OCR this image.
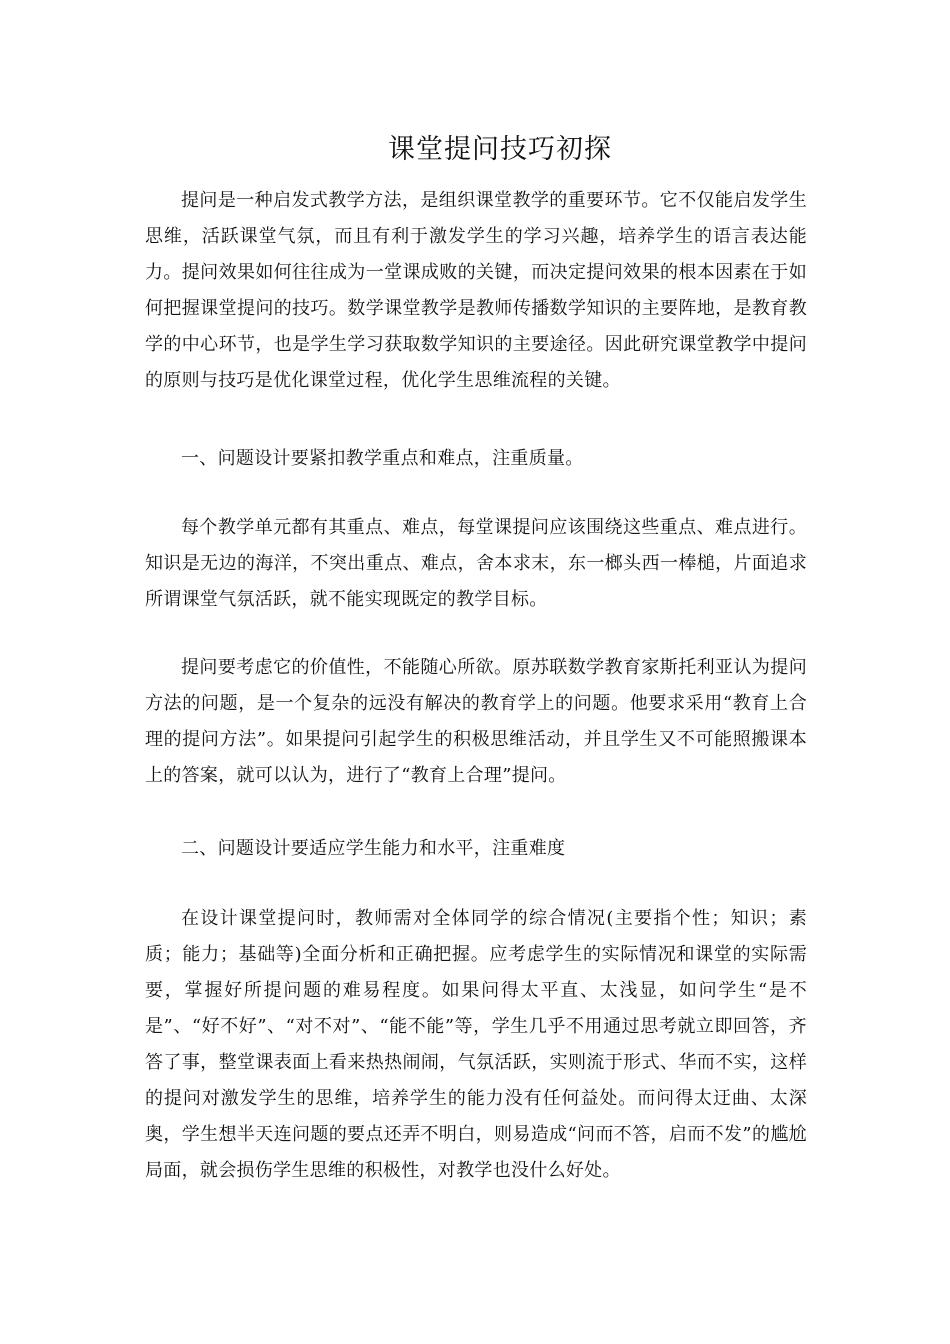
课堂提问技巧初探

提问是一种启发式教学方法，是组织课堂教学的重要环节。它不仅能启发学生思维，活跃课堂气氛，而且有利于激发学生的学习兴趣，培养学生的语言表达能力。提问效果如何往往成为一堂课成败的关键，而决定提问效果的根本因素在于如何把握课堂提问的技巧。数学课堂教学是教师传播数学知识的主要阵地，是教育教学的中心环节，也是学生学习获取数学知识的主要途径。因此研究课堂教学中提问的原则与技巧是优化课堂过程，优化学生思维流程的关键。

一、问题设计要紧扣教学重点和难点，注重质量。

每个教学单元都有其重点、难点，每堂课提问应该围绕这些重点、难点进行。知识是无边的海洋，不突出重点、难点，舍本求末，东一榔头西一棒槌，片面追求所谓课堂气氛活跃，就不能实现既定的教学目标。

提问要考虑它的价值性，不能随心所欲。原苏联数学教育家斯托利亚认为提问方法的问题，是一个复杂的远没有解决的教育学上的问题。他要求采用“教育上合理的提问方法”。如果提问引起学生的积极思维活动，并且学生又不可能照搬课本上的答案，就可以认为，进行了“教育上合理”提问。

二、问题设计要适应学生能力和水平，注重难度

在设计课堂提问时，教师需对全体同学的综合情况(主要指个性；知识；素质；能力；基础等)全面分析和正确把握。应考虑学生的实际情况和课堂的实际需要，掌握好所提问题的难易程度。如果问得太平直、太浅显，如问学生“是不是”、“好不好”、“对不对”、“能不能”等，学生几乎不用通过思考就立即回答，齐答了事，整堂课表面上看来热热闹闹，气氛活跃，实则流于形式、华而不实，这样的提问对激发学生的思维，培养学生的能力没有任何益处。而问得太迂曲、太深奥，学生想半天连问题的要点还弄不明白，则易造成“问而不答，启而不发”的尴尬局面，就会损伤学生思维的积极性，对教学也没什么好处。
